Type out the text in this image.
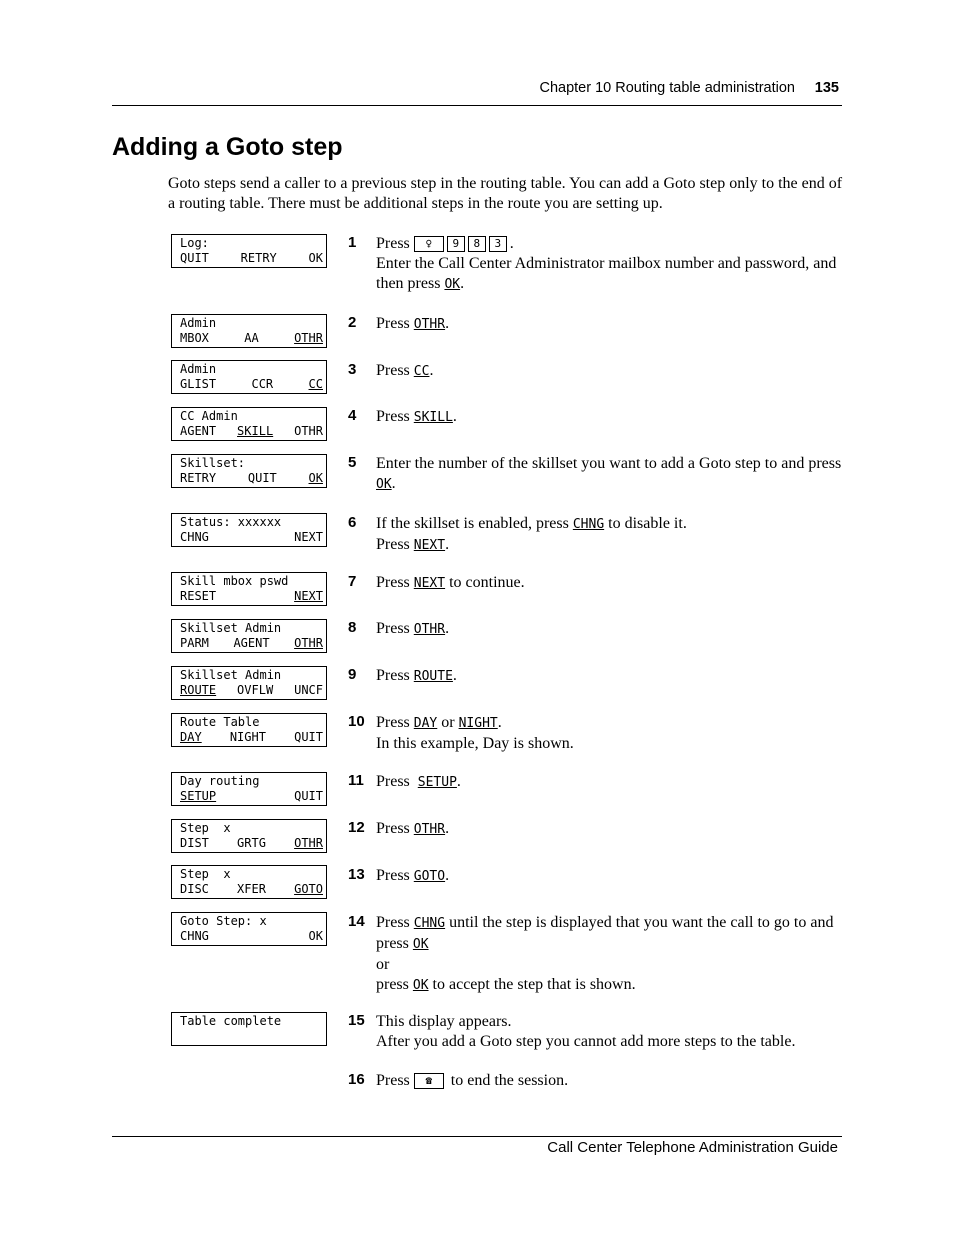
Chapter 10 Routing table administration 135
Adding a Goto step

Goto steps send a caller to a previous step in the routing table. You can add a Goto step only to the end of a routing table. There must be additional steps in the route you are setting up.

Log:
QUIT	RETRY	OK
Admin
MBOX	AA	OTHR
Admin
GLIST	CCR	CC
CC Admin
AGENT SKILL OTHR
Skillset:
RETRY	QUIT	OK
Status: xxxxxx
CHNG	NEXT
Skill mbox pswd
RESET	NEXT
Skillset Admin
PARM AGENT OTHR
Skillset Admin
ROUTE OVFLW UNCF
Route Table
DAY NIGHT QUIT
Day routing
SETUP	QUIT
Step  x
DIST GRTG OTHR
Step  x
DISC XFER GOTO
Goto Step: x
CHNG	OK
Table complete
1 Press ♀ 9 8 3 .
Enter the Call Center Administrator mailbox number and password, and then press OK.
2 Press OTHR.
3 Press CC.
4 Press SKILL.
5 Enter the number of the skillset you want to add a Goto step to and press OK.
6 If the skillset is enabled, press CHNG to disable it.
Press NEXT.
7 Press NEXT to continue.
8 Press OTHR.
9 Press ROUTE.
10 Press DAY or NIGHT.
In this example, Day is shown.
11 Press SETUP.
12 Press OTHR.
13 Press GOTO.
14 Press CHNG until the step is displayed that you want the call to go to and press OK
or
press OK to accept the step that is shown.
15 This display appears.
After you add a Goto step you cannot add more steps to the table.
16 Press ☎ to end the session.
Call Center Telephone Administration Guide
